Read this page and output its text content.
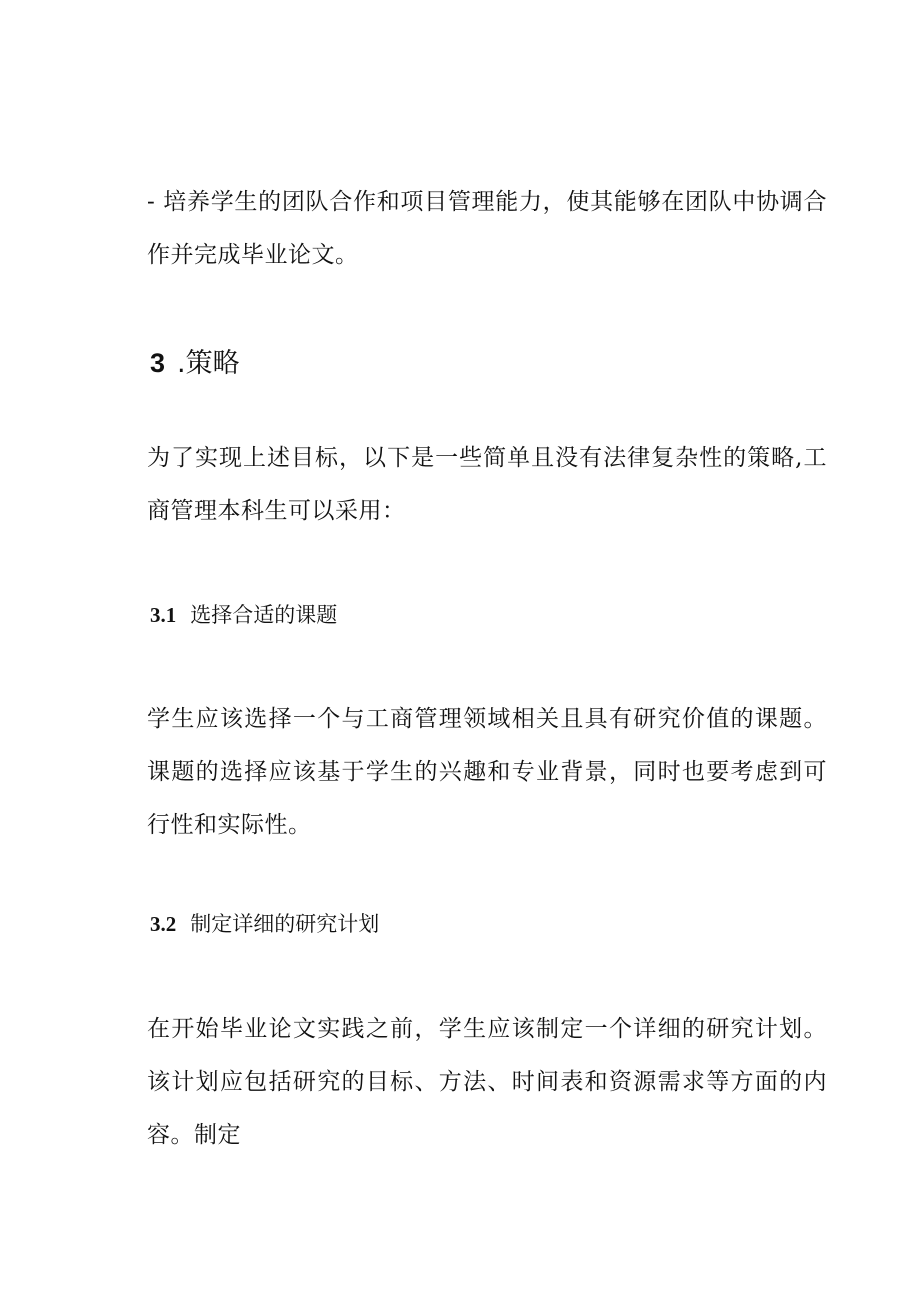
- 培养学生的团队合作和项目管理能力，使其能够在团队中协调合作并完成毕业论文。

3 .策略

为了实现上述目标，以下是一些简单且没有法律复杂性的策略,工商管理本科生可以采用：

3.1 选择合适的课题

学生应该选择一个与工商管理领域相关且具有研究价值的课题。课题的选择应该基于学生的兴趣和专业背景，同时也要考虑到可行性和实际性。

3.2 制定详细的研究计划

在开始毕业论文实践之前，学生应该制定一个详细的研究计划。该计划应包括研究的目标、方法、时间表和资源需求等方面的内容。制定
